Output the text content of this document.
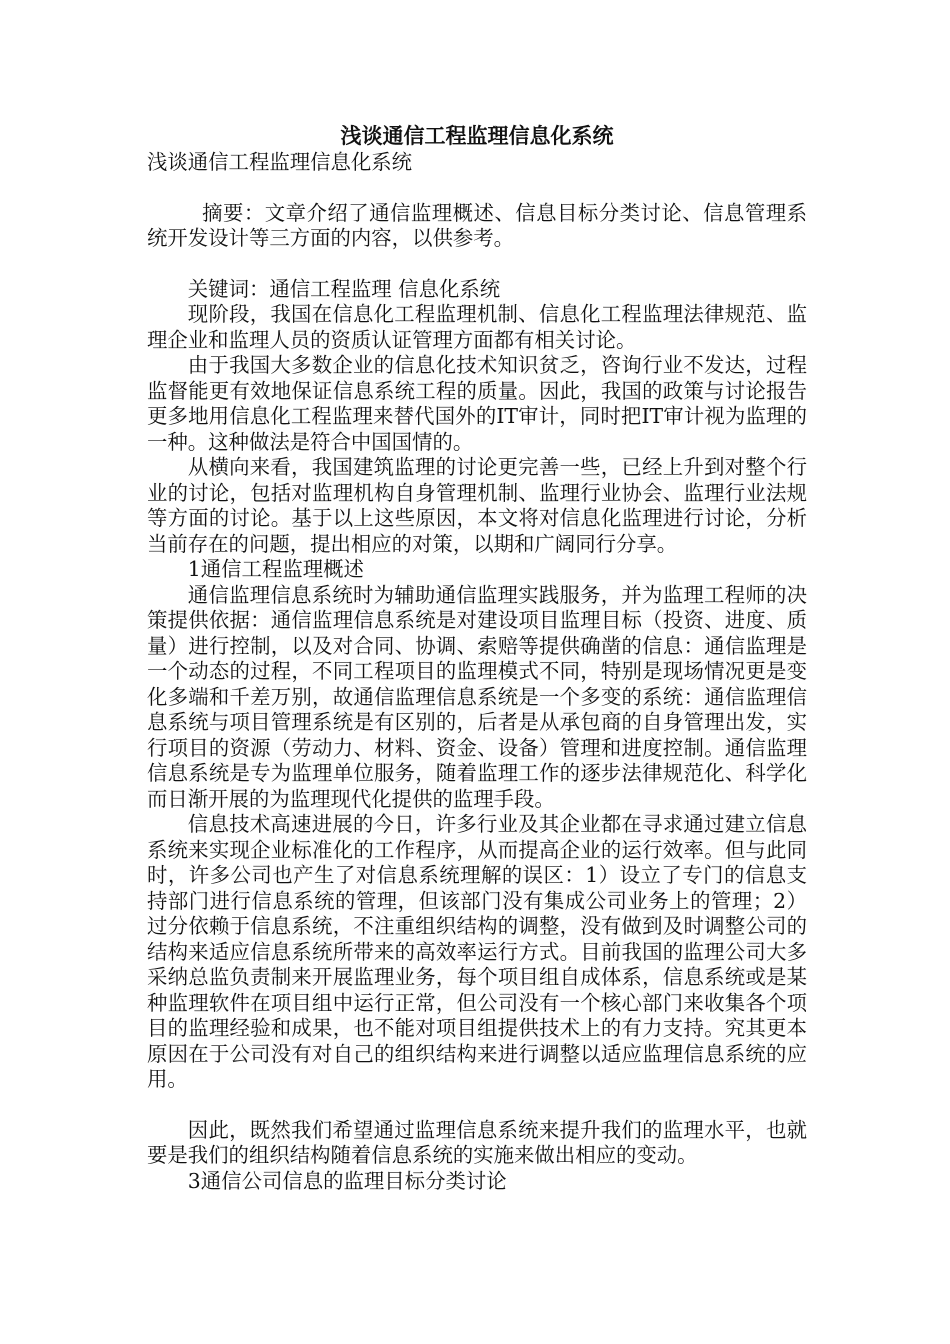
浅谈通信工程监理信息化系统

浅谈通信工程监理信息化系统

摘要：文章介绍了通信监理概述、信息目标分类讨论、信息管理系统开发设计等三方面的内容，以供参考。

关键词：通信工程监理 信息化系统

现阶段，我国在信息化工程监理机制、信息化工程监理法律规范、监理企业和监理人员的资质认证管理方面都有相关讨论。

由于我国大多数企业的信息化技术知识贫乏，咨询行业不发达，过程监督能更有效地保证信息系统工程的质量。因此，我国的政策与讨论报告更多地用信息化工程监理来替代国外的IT审计，同时把IT审计视为监理的一种。这种做法是符合中国国情的。

从横向来看，我国建筑监理的讨论更完善一些，已经上升到对整个行业的讨论，包括对监理机构自身管理机制、监理行业协会、监理行业法规等方面的讨论。基于以上这些原因，本文将对信息化监理进行讨论，分析当前存在的问题，提出相应的对策，以期和广阔同行分享。

1通信工程监理概述

通信监理信息系统时为辅助通信监理实践服务，并为监理工程师的决策提供依据：通信监理信息系统是对建设项目监理目标（投资、进度、质量）进行控制，以及对合同、协调、索赔等提供确凿的信息：通信监理是一个动态的过程，不同工程项目的监理模式不同，特别是现场情况更是变化多端和千差万别，故通信监理信息系统是一个多变的系统：通信监理信息系统与项目管理系统是有区别的，后者是从承包商的自身管理出发，实行项目的资源（劳动力、材料、资金、设备）管理和进度控制。通信监理信息系统是专为监理单位服务，随着监理工作的逐步法律规范化、科学化而日渐开展的为监理现代化提供的监理手段。

信息技术高速进展的今日，许多行业及其企业都在寻求通过建立信息系统来实现企业标准化的工作程序，从而提高企业的运行效率。但与此同时，许多公司也产生了对信息系统理解的误区：1）设立了专门的信息支持部门进行信息系统的管理，但该部门没有集成公司业务上的管理；2）过分依赖于信息系统，不注重组织结构的调整，没有做到及时调整公司的结构来适应信息系统所带来的高效率运行方式。目前我国的监理公司大多采纳总监负责制来开展监理业务，每个项目组自成体系，信息系统或是某种监理软件在项目组中运行正常，但公司没有一个核心部门来收集各个项目的监理经验和成果，也不能对项目组提供技术上的有力支持。究其更本原因在于公司没有对自己的组织结构来进行调整以适应监理信息系统的应用。

因此，既然我们希望通过监理信息系统来提升我们的监理水平，也就要是我们的组织结构随着信息系统的实施来做出相应的变动。

3通信公司信息的监理目标分类讨论
